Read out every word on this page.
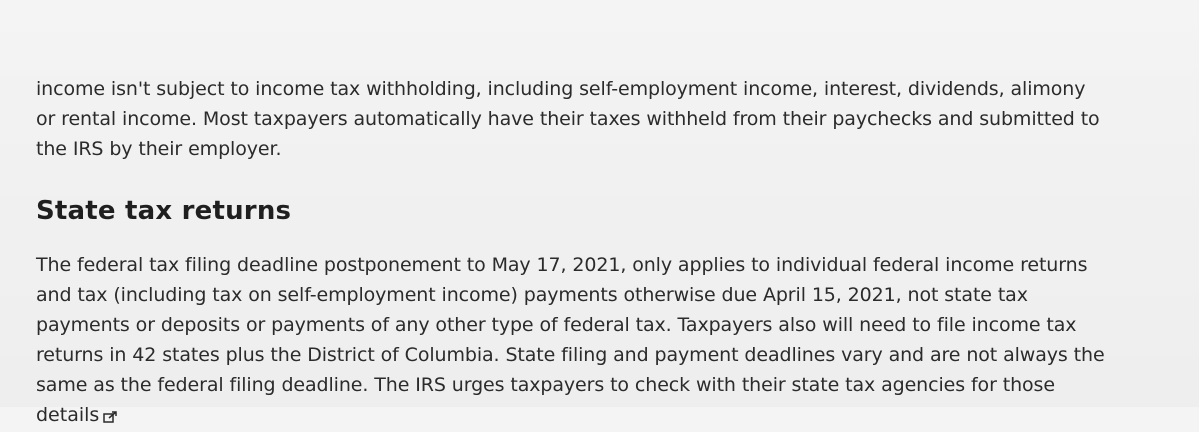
income isn't subject to income tax withholding, including self-employment income, interest, dividends, alimony
or rental income. Most taxpayers automatically have their taxes withheld from their paychecks and submitted to
the IRS by their employer.

State tax returns

The federal tax filing deadline postponement to May 17, 2021, only applies to individual federal income returns
and tax (including tax on self-employment income) payments otherwise due April 15, 2021, not state tax
payments or deposits or payments of any other type of federal tax. Taxpayers also will need to file income tax
returns in 42 states plus the District of Columbia. State filing and payment deadlines vary and are not always the
same as the federal filing deadline. The IRS urges taxpayers to check with their state tax agencies for those

details
